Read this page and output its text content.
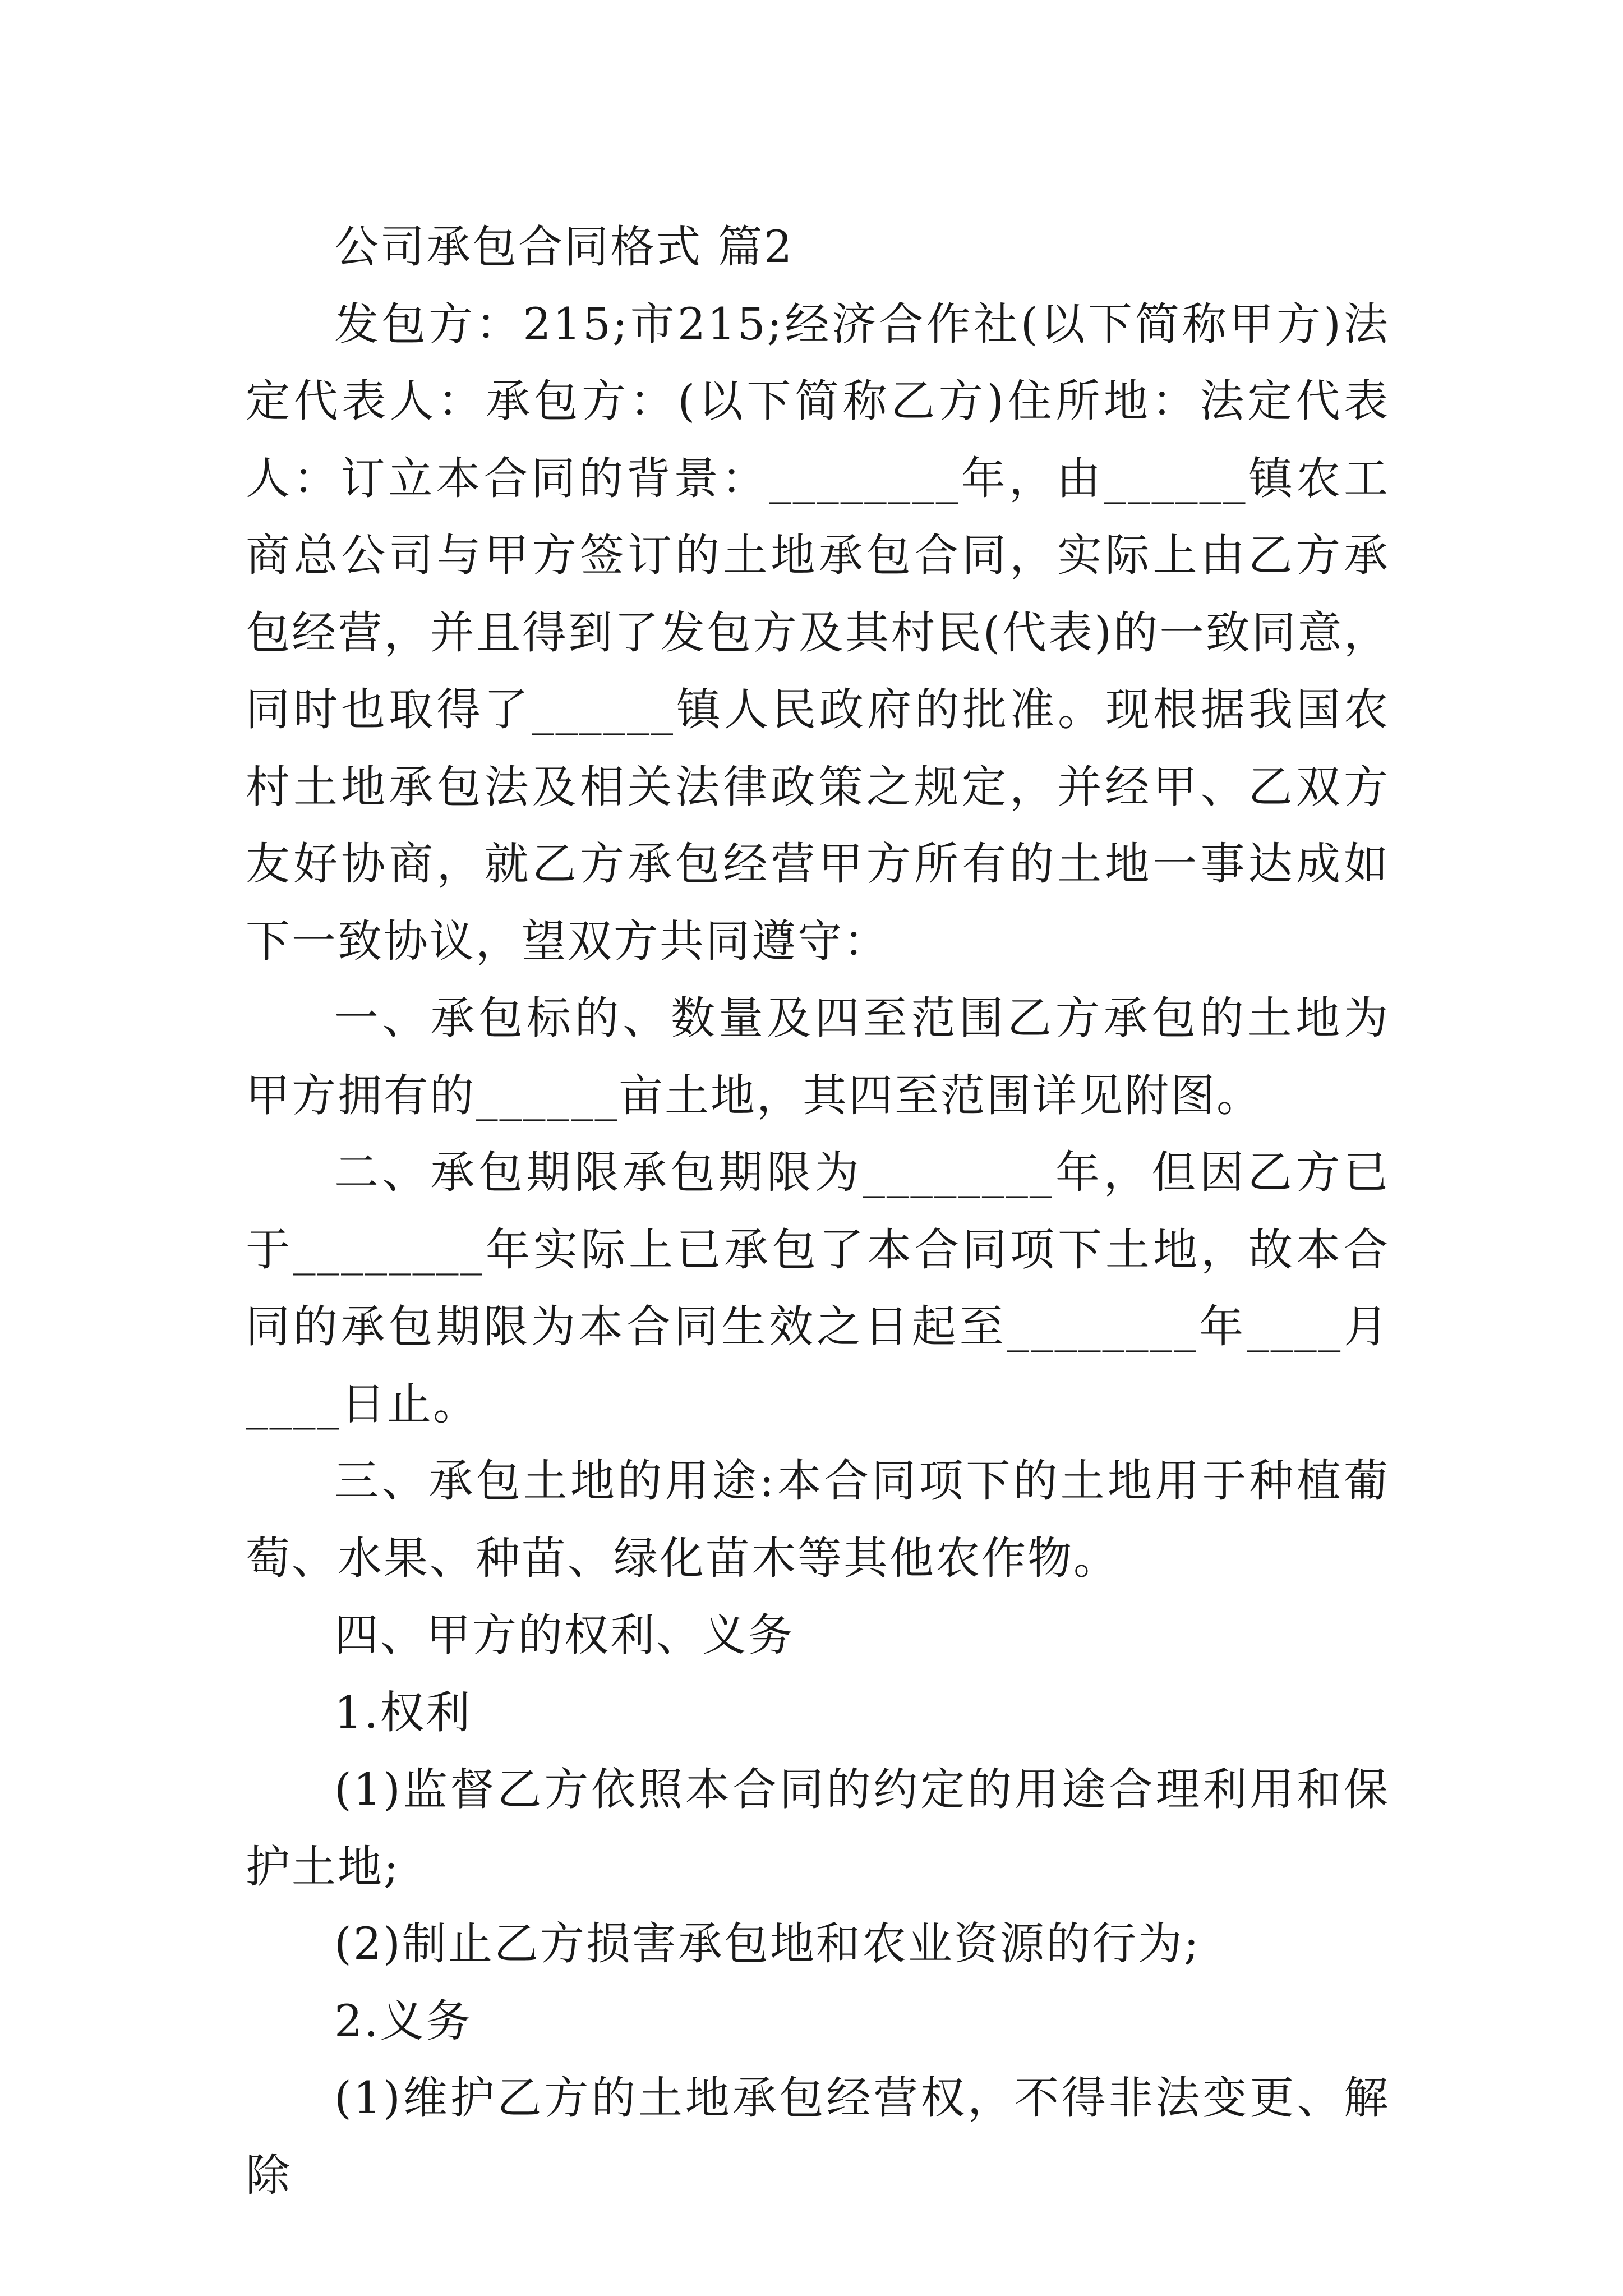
公司承包合同格式 篇2

发包方：215;市215;经济合作社(以下简称甲方)法定代表人：承包方：(以下简称乙方)住所地：法定代表人：订立本合同的背景：________年，由______镇农工商总公司与甲方签订的土地承包合同，实际上由乙方承包经营，并且得到了发包方及其村民(代表)的一致同意，同时也取得了______镇人民政府的批准。现根据我国农村土地承包法及相关法律政策之规定，并经甲、乙双方友好协商，就乙方承包经营甲方所有的土地一事达成如下一致协议，望双方共同遵守：

一、承包标的、数量及四至范围乙方承包的土地为甲方拥有的______亩土地，其四至范围详见附图。

二、承包期限承包期限为________年，但因乙方已于________年实际上已承包了本合同项下土地，故本合同的承包期限为本合同生效之日起至________年____月____日止。

三、承包土地的用途:本合同项下的土地用于种植葡萄、水果、种苗、绿化苗木等其他农作物。

四、甲方的权利、义务

1.权利

(1)监督乙方依照本合同的约定的用途合理利用和保护土地;

(2)制止乙方损害承包地和农业资源的行为;

2.义务

(1)维护乙方的土地承包经营权，不得非法变更、解除
